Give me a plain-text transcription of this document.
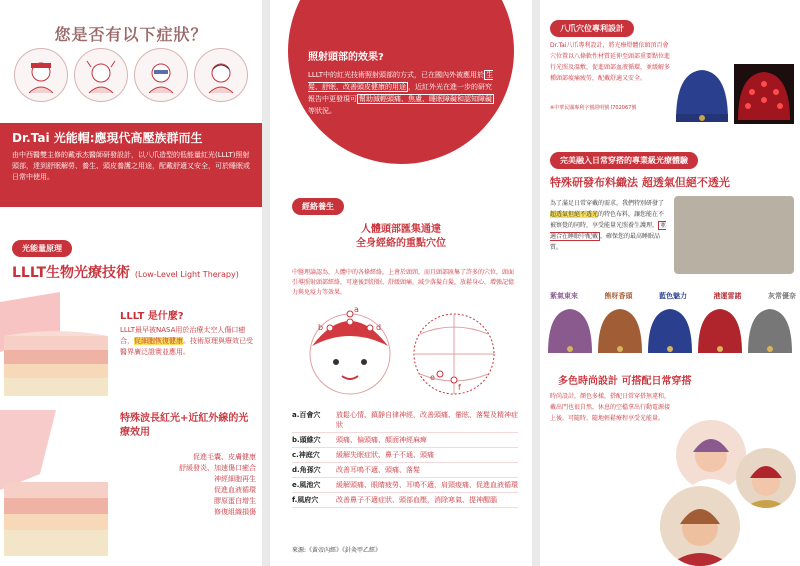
您是否有以下症狀？
Dr.Tai 光能帽:應現代高壓族群而生
由中西醫雙主修的戴承杰醫師研發設計，以八爪造型的低能量紅光(LLLT)照射頭部，達到舒眠解勞、養生、頭皮養護之用途，配戴舒適又安全，可於睡眠或日常中使用。
光能量原理
LLLT生物光療技術 (Low-Level Light Therapy)
LLLT 是什麼?
LLLT最早被NASA用於治療太空人傷口癒合，促細胞恢復健康。技術原理與療效已受醫界廣泛證實並應用。
特殊波長紅光+近紅外線的光療效用
促進毛囊、皮膚健康
舒緩發炎、加速傷口癒合
神經細胞再生
促進血液循環
膠原蛋白增生
修復組織損傷
照射頭部的效果?
LLLT中的紅光技術照射頭部的方式，已在國內外被應用於 生髮、舒眠、改善頭皮健康的用途 ，近紅外光在進一步的研究報告中更發現可 幫助減輕頭痛、焦慮、睡眠障礙和認知障礙等狀況。
經絡養生
人體頭部匯集通達
全身經絡的重點穴位
中醫理論認為，人體中的各條經絡，上會於頭頸，而且頭部匯集了許多的穴位，頭面引導照射頭部經絡，可達後到舒眠、舒緩頭痛，減少落髮白髮，放鬆身心，增強記憶力與免疫力等效果。
a
b	c d
e
f
a.百會穴	放鬆心情、鎮靜自律神經，改善頭痛、暈眩、落髮及精神症狀
b.頭維穴	頭痛、偏頭痛、顏面神經麻痺
c.神庭穴	緩解失眠症狀、鼻子不通、頭痛
d.角孫穴	改善耳鳴不適、頭痛、落髮
e.風池穴	緩解頭痛、眼睛疲勞、耳鳴不適，肩頸痠痛、促進血液循環
f.風府穴	改善鼻子不適症狀、頭部血壓，消除寒氣、提神醒腦
來源:《黃帝內經》《針灸甲乙經》
八爪穴位專利設計
Dr.Tai八爪專利設計，將光療燈體依頭頂百會穴位置以八條軟性材質延伸至頭部重要點位進行光照及溫敷，促進頭部血液循環，並緩解多種頭部痠痛疲勞，配戴舒適又安全。
※中華民國專利字號證明號 I702067號
完美融入日常穿搭的專業級光療體驗
特殊研發布料織法 超透氣但絕不透光
為了滿足日常穿戴的需求，我們特別研發了超透氣但絕不透光的特色布料，讓您能在不被察覺的同時，享受能量光照養生護理， 並適合在睡眠中配戴 ，確保您的最高睡眠品質。
紫氣東來	熊呀香頭	藍色魅力	港運雷諾	灰常優奈
多色時尚設計 可搭配日常穿搭
時尚設計，顏色多樣，搭配日常穿搭無違和，戴出門也很自然，休息的空檔拿出行動電源接上後，可隨時、隨地輕鬆療程享受光能量。
